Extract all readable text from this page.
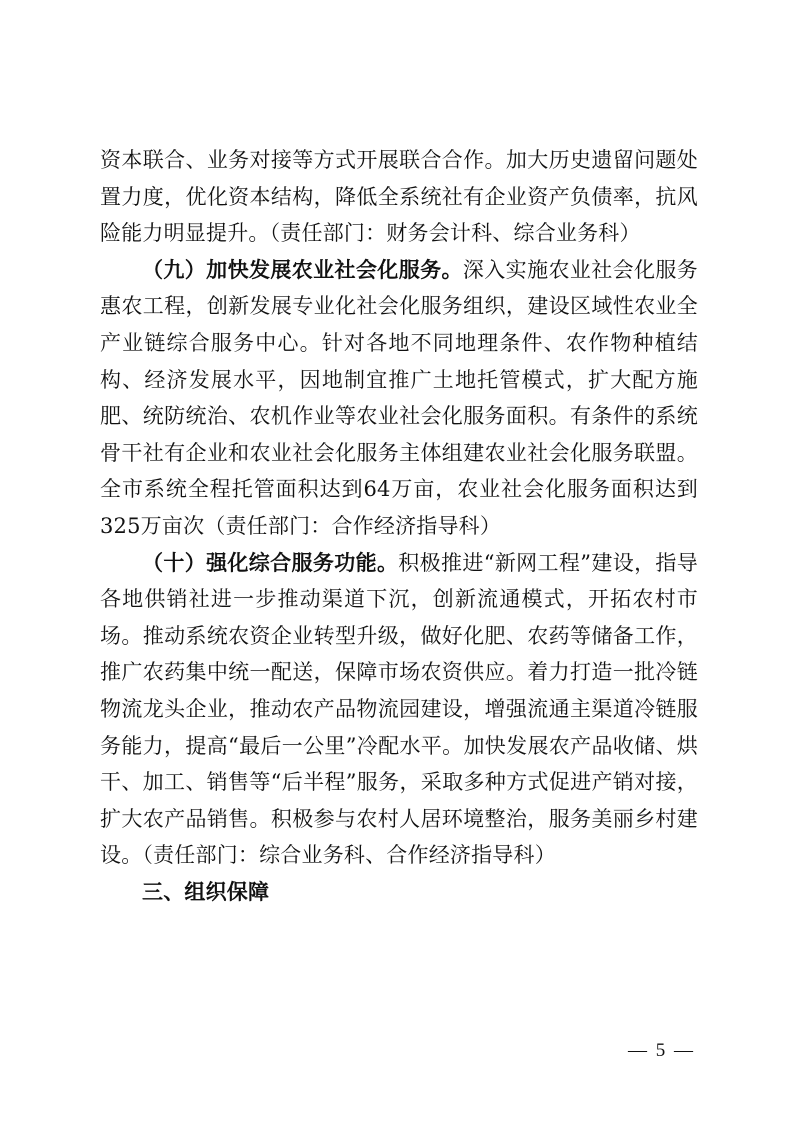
资本联合、业务对接等方式开展联合合作。加大历史遗留问题处置力度，优化资本结构，降低全系统社有企业资产负债率，抗风险能力明显提升。（责任部门：财务会计科、综合业务科）

（九）加快发展农业社会化服务。深入实施农业社会化服务惠农工程，创新发展专业化社会化服务组织，建设区域性农业全产业链综合服务中心。针对各地不同地理条件、农作物种植结构、经济发展水平，因地制宜推广土地托管模式，扩大配方施肥、统防统治、农机作业等农业社会化服务面积。有条件的系统骨干社有企业和农业社会化服务主体组建农业社会化服务联盟。全市系统全程托管面积达到64万亩，农业社会化服务面积达到325万亩次（责任部门：合作经济指导科）

（十）强化综合服务功能。积极推进“新网工程”建设，指导各地供销社进一步推动渠道下沉，创新流通模式，开拓农村市场。推动系统农资企业转型升级，做好化肥、农药等储备工作，推广农药集中统一配送，保障市场农资供应。着力打造一批冷链物流龙头企业，推动农产品物流园建设，增强流通主渠道冷链服务能力，提高“最后一公里”冷配水平。加快发展农产品收储、烘干、加工、销售等“后半程”服务，采取多种方式促进产销对接，扩大农产品销售。积极参与农村人居环境整治，服务美丽乡村建设。（责任部门：综合业务科、合作经济指导科）

三、组织保障

— 5 —
